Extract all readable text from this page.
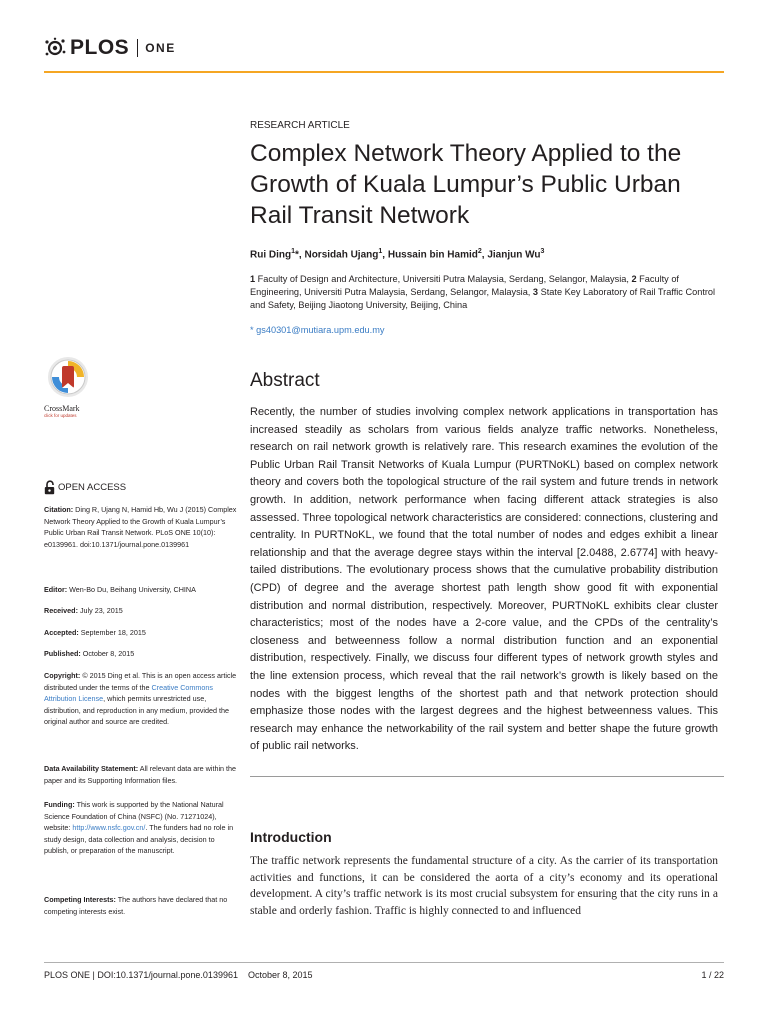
PLOS ONE
RESEARCH ARTICLE
Complex Network Theory Applied to the Growth of Kuala Lumpur’s Public Urban Rail Transit Network
Rui Ding$^1$*, Norsidah Ujang$^1$, Hussain bin Hamid$^2$, Jianjun Wu$^3$
1 Faculty of Design and Architecture, Universiti Putra Malaysia, Serdang, Selangor, Malaysia, 2 Faculty of Engineering, Universiti Putra Malaysia, Serdang, Selangor, Malaysia, 3 State Key Laboratory of Rail Traffic Control and Safety, Beijing Jiaotong University, Beijing, China
* gs40301@mutiara.upm.edu.my
Abstract
Recently, the number of studies involving complex network applications in transportation has increased steadily as scholars from various fields analyze traffic networks. Nonetheless, research on rail network growth is relatively rare. This research examines the evolution of the Public Urban Rail Transit Networks of Kuala Lumpur (PURTNoKL) based on complex network theory and covers both the topological structure of the rail system and future trends in network growth. In addition, network performance when facing different attack strategies is also assessed. Three topological network characteristics are considered: connections, clustering and centrality. In PURTNoKL, we found that the total number of nodes and edges exhibit a linear relationship and that the average degree stays within the interval [2.0488, 2.6774] with heavy-tailed distributions. The evolutionary process shows that the cumulative probability distribution (CPD) of degree and the average shortest path length show good fit with exponential distribution and normal distribution, respectively. Moreover, PURTNoKL exhibits clear cluster characteristics; most of the nodes have a 2-core value, and the CPDs of the centrality’s closeness and betweenness follow a normal distribution function and an exponential distribution, respectively. Finally, we discuss four different types of network growth styles and the line extension process, which reveal that the rail network’s growth is likely based on the nodes with the biggest lengths of the shortest path and that network protection should emphasize those nodes with the largest degrees and the highest betweenness values. This research may enhance the networkability of the rail system and better shape the future growth of public rail networks.
Introduction
The traffic network represents the fundamental structure of a city. As the carrier of its transportation activities and functions, it can be considered the aorta of a city’s economy and its operational development. A city’s traffic network is its most crucial subsystem for ensuring that the city runs in a stable and orderly fashion. Traffic is highly connected to and influenced
CrossMark
click for updates
OPEN ACCESS
Citation: Ding R, Ujang N, Hamid Hb, Wu J (2015) Complex Network Theory Applied to the Growth of Kuala Lumpur’s Public Urban Rail Transit Network. PLoS ONE 10(10): e0139961. doi:10.1371/journal.pone.0139961
Editor: Wen-Bo Du, Beihang University, CHINA
Received: July 23, 2015
Accepted: September 18, 2015
Published: October 8, 2015
Copyright: © 2015 Ding et al. This is an open access article distributed under the terms of the Creative Commons Attribution License, which permits unrestricted use, distribution, and reproduction in any medium, provided the original author and source are credited.
Data Availability Statement: All relevant data are within the paper and its Supporting Information files.
Funding: This work is supported by the National Natural Science Foundation of China (NSFC) (No. 71271024), website: http://www.nsfc.gov.cn/. The funders had no role in study design, data collection and analysis, decision to publish, or preparation of the manuscript.
Competing Interests: The authors have declared that no competing interests exist.
PLOS ONE | DOI:10.1371/journal.pone.0139961    October 8, 2015	1 / 22
